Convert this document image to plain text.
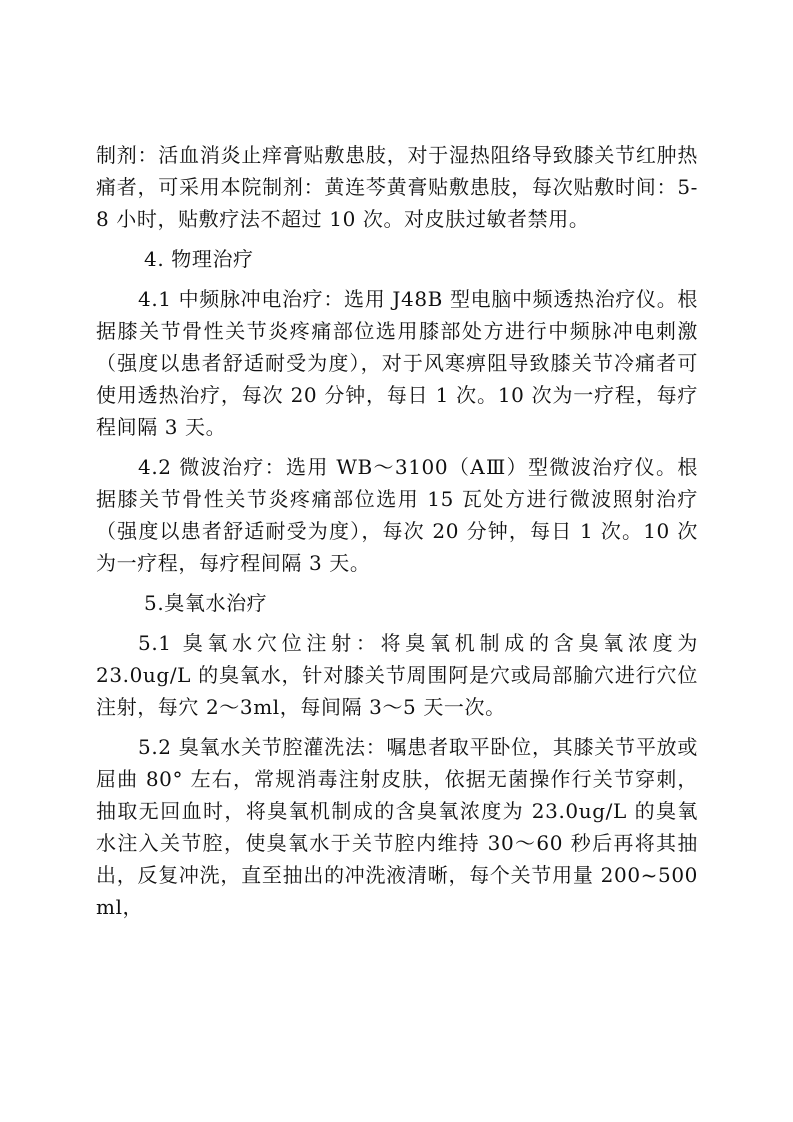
制剂：活血消炎止痒膏贴敷患肢，对于湿热阻络导致膝关节红肿热痛者，可采用本院制剂：黄连芩黄膏贴敷患肢，每次贴敷时间：5-8 小时，贴敷疗法不超过 10 次。对皮肤过敏者禁用。

4. 物理治疗

4.1 中频脉冲电治疗：选用 J48B 型电脑中频透热治疗仪。根据膝关节骨性关节炎疼痛部位选用膝部处方进行中频脉冲电刺激（强度以患者舒适耐受为度），对于风寒痹阻导致膝关节冷痛者可使用透热治疗，每次 20 分钟，每日 1 次。10 次为一疗程，每疗程间隔 3 天。

4.2 微波治疗：选用 WB～3100（AⅢ）型微波治疗仪。根据膝关节骨性关节炎疼痛部位选用 15 瓦处方进行微波照射治疗（强度以患者舒适耐受为度），每次 20 分钟，每日 1 次。10 次为一疗程，每疗程间隔 3 天。

5.臭氧水治疗

5.1 臭氧水穴位注射：将臭氧机制成的含臭氧浓度为 23.0ug/L 的臭氧水，针对膝关节周围阿是穴或局部腧穴进行穴位注射，每穴 2～3ml，每间隔 3～5 天一次。

5.2 臭氧水关节腔灌洗法：嘱患者取平卧位，其膝关节平放或屈曲 80° 左右，常规消毒注射皮肤，依据无菌操作行关节穿刺，抽取无回血时，将臭氧机制成的含臭氧浓度为 23.0ug/L 的臭氧水注入关节腔，使臭氧水于关节腔内维持 30～60 秒后再将其抽出，反复冲洗，直至抽出的冲洗液清晰，每个关节用量 200~500 ml，
